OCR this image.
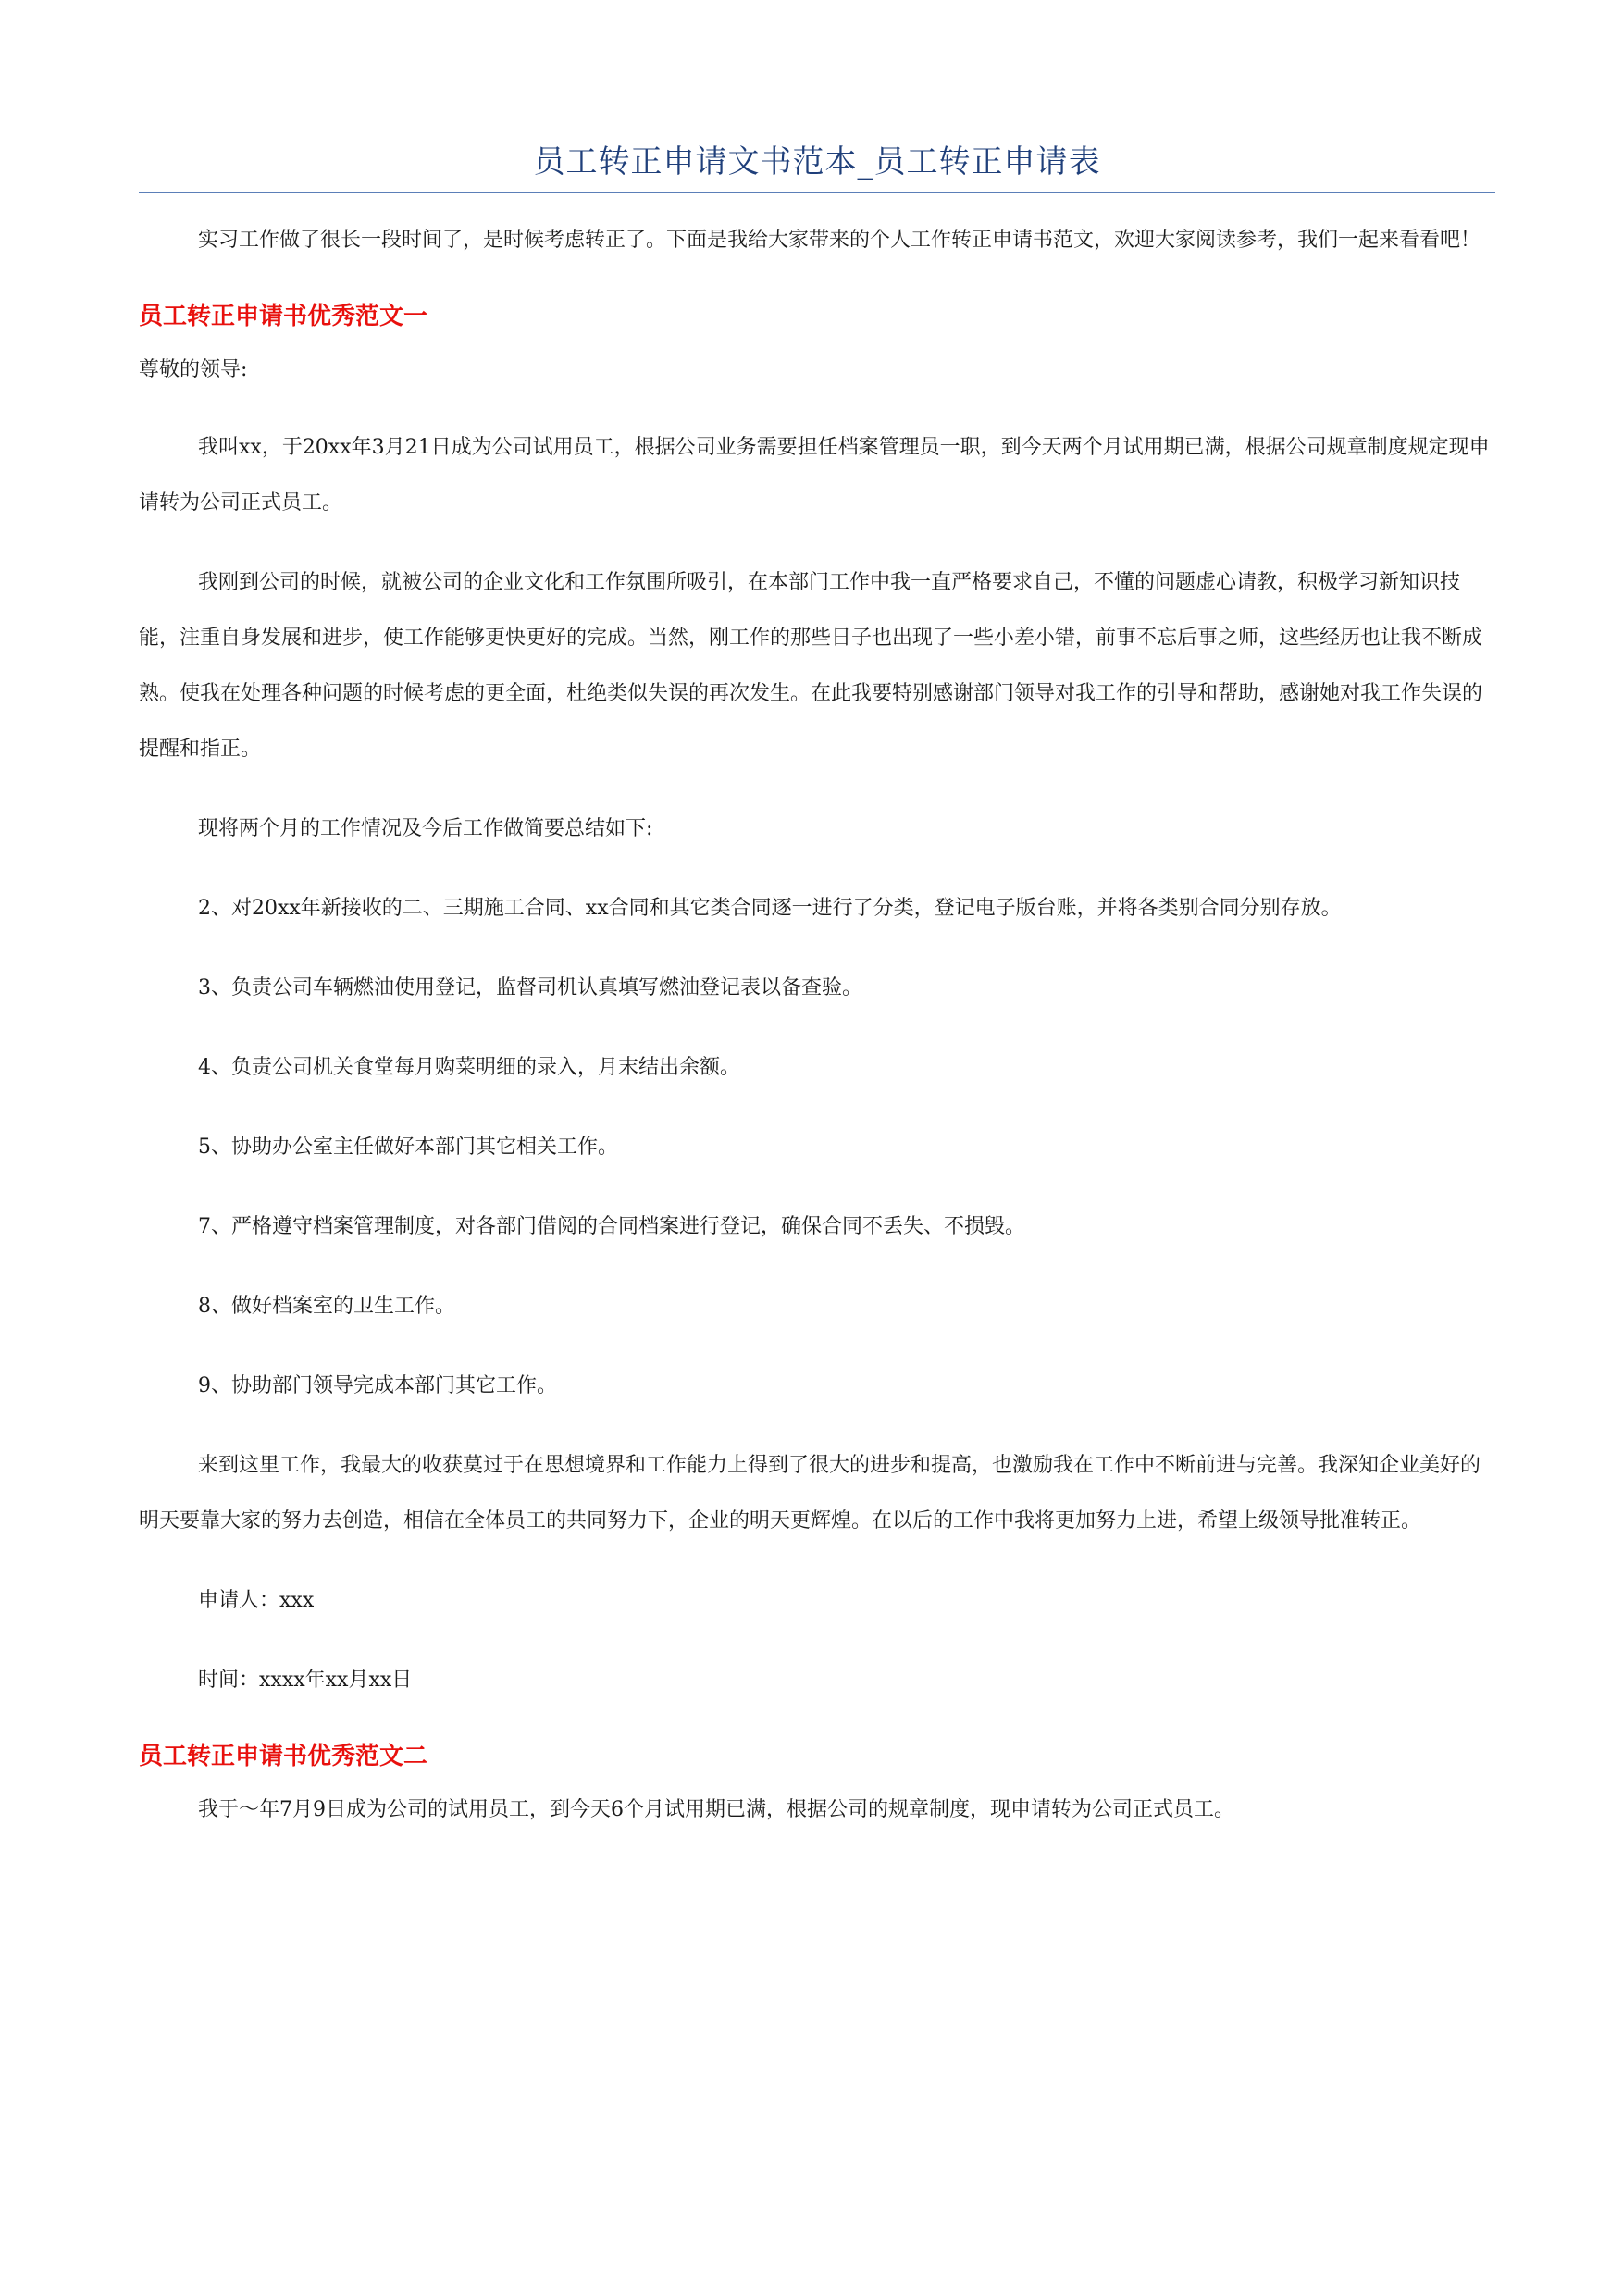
员工转正申请文书范本_员工转正申请表

实习工作做了很长一段时间了，是时候考虑转正了。下面是我给大家带来的个人工作转正申请书范文，欢迎大家阅读参考，我们一起来看看吧！

员工转正申请书优秀范文一

尊敬的领导:

我叫xx，于20xx年3月21日成为公司试用员工，根据公司业务需要担任档案管理员一职，到今天两个月试用期已满，根据公司规章制度规定现申请转为公司正式员工。

我刚到公司的时候，就被公司的企业文化和工作氛围所吸引，在本部门工作中我一直严格要求自己，不懂的问题虚心请教，积极学习新知识技能，注重自身发展和进步，使工作能够更快更好的完成。当然，刚工作的那些日子也出现了一些小差小错，前事不忘后事之师，这些经历也让我不断成熟。使我在处理各种问题的时候考虑的更全面，杜绝类似失误的再次发生。在此我要特别感谢部门领导对我工作的引导和帮助，感谢她对我工作失误的提醒和指正。

现将两个月的工作情况及今后工作做简要总结如下:

2、对20xx年新接收的二、三期施工合同、xx合同和其它类合同逐一进行了分类，登记电子版台账，并将各类别合同分别存放。

3、负责公司车辆燃油使用登记，监督司机认真填写燃油登记表以备查验。

4、负责公司机关食堂每月购菜明细的录入，月末结出余额。

5、协助办公室主任做好本部门其它相关工作。

7、严格遵守档案管理制度，对各部门借阅的合同档案进行登记，确保合同不丢失、不损毁。

8、做好档案室的卫生工作。

9、协助部门领导完成本部门其它工作。

来到这里工作，我最大的收获莫过于在思想境界和工作能力上得到了很大的进步和提高，也激励我在工作中不断前进与完善。我深知企业美好的明天要靠大家的努力去创造，相信在全体员工的共同努力下，企业的明天更辉煌。在以后的工作中我将更加努力上进，希望上级领导批准转正。

申请人：xxx

时间：xxxx年xx月xx日

员工转正申请书优秀范文二

我于～年7月9日成为公司的试用员工，到今天6个月试用期已满，根据公司的规章制度，现申请转为公司正式员工。
